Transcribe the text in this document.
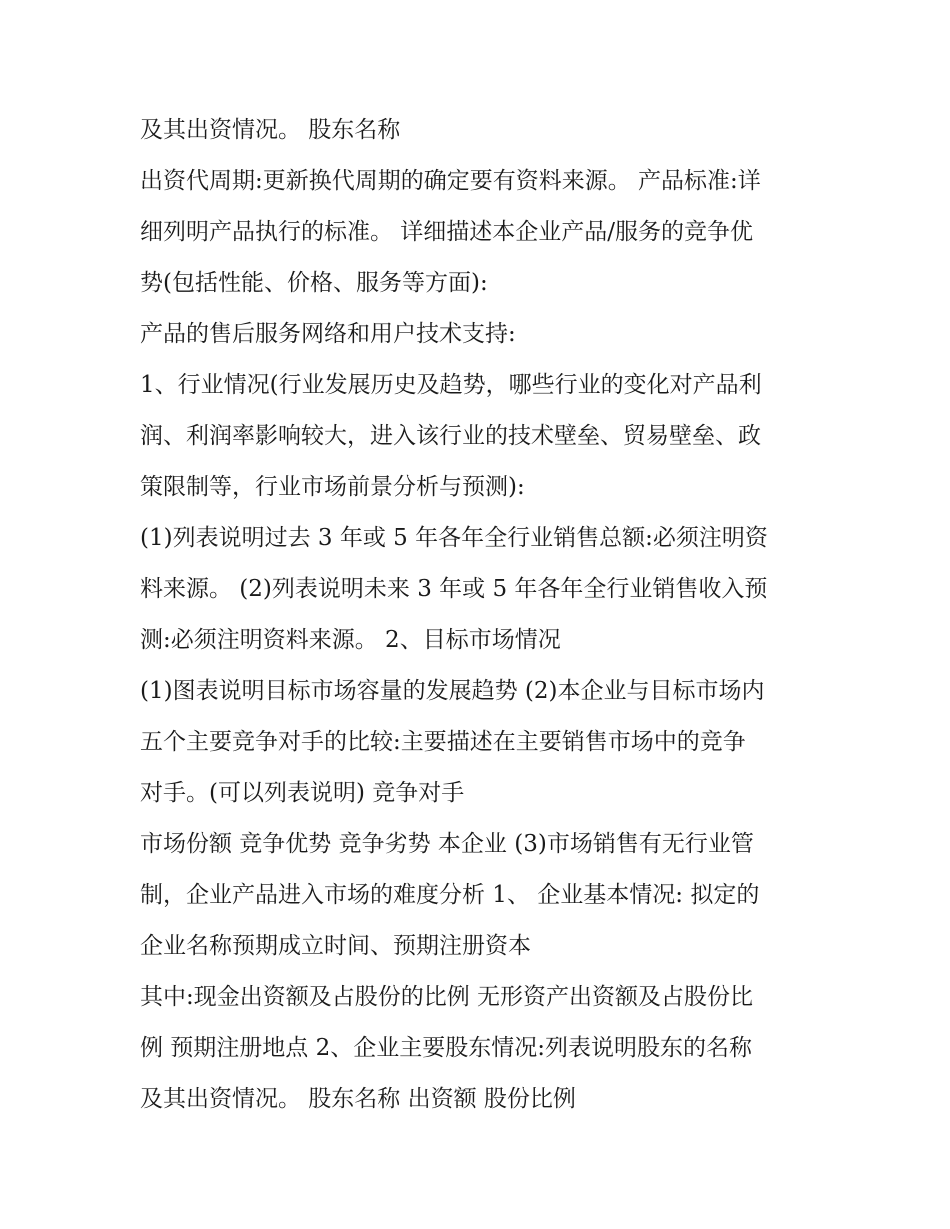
及其出资情况。 股东名称
出资代周期:更新换代周期的确定要有资料来源。 产品标准:详
细列明产品执行的标准。 详细描述本企业产品/服务的竞争优
势(包括性能、价格、服务等方面):
产品的售后服务网络和用户技术支持:
1、行业情况(行业发展历史及趋势，哪些行业的变化对产品利
润、利润率影响较大，进入该行业的技术壁垒、贸易壁垒、政
策限制等，行业市场前景分析与预测):
(1)列表说明过去 3 年或 5 年各年全行业销售总额:必须注明资
料来源。 (2)列表说明未来 3 年或 5 年各年全行业销售收入预
测:必须注明资料来源。 2、目标市场情况
(1)图表说明目标市场容量的发展趋势 (2)本企业与目标市场内
五个主要竞争对手的比较:主要描述在主要销售市场中的竞争
对手。(可以列表说明) 竞争对手
市场份额 竞争优势 竞争劣势 本企业 (3)市场销售有无行业管
制，企业产品进入市场的难度分析 1、 企业基本情况: 拟定的
企业名称预期成立时间、预期注册资本
其中:现金出资额及占股份的比例 无形资产出资额及占股份比
例 预期注册地点 2、企业主要股东情况:列表说明股东的名称
及其出资情况。 股东名称 出资额 股份比例
